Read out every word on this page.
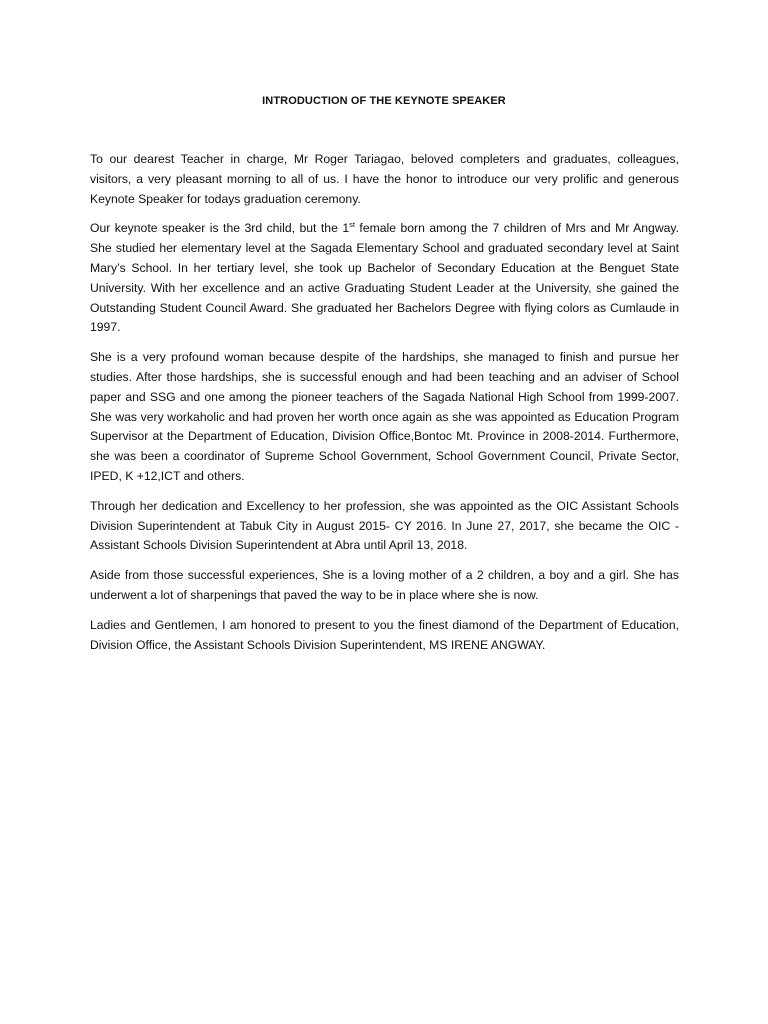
INTRODUCTION OF THE KEYNOTE SPEAKER

To our dearest Teacher in charge, Mr Roger Tariagao, beloved completers and graduates, colleagues, visitors, a very pleasant morning to all of us. I have the honor to introduce our very prolific and generous Keynote Speaker for todays graduation ceremony.

Our keynote speaker is the 3rd child, but the 1st female born among the 7 children of Mrs and Mr Angway. She studied her elementary level at the Sagada Elementary School and graduated secondary level at Saint Mary’s School. In her tertiary level, she took up Bachelor of Secondary Education at the Benguet State University. With her excellence and an active Graduating Student Leader at the University, she gained the Outstanding Student Council Award. She graduated her Bachelors Degree with flying colors as Cumlaude in 1997.

She is a very profound woman because despite of the hardships, she managed to finish and pursue her studies. After those hardships, she is successful enough and had been teaching and an adviser of School paper and SSG and one among the pioneer teachers of the Sagada National High School from 1999-2007. She was very workaholic and had proven her worth once again as she was appointed as Education Program Supervisor at the Department of Education, Division Office,Bontoc Mt. Province in 2008-2014. Furthermore, she was been a coordinator of Supreme School Government, School Government Council, Private Sector, IPED, K +12,ICT and others.

Through her dedication and Excellency to her profession, she was appointed as the OIC Assistant Schools Division Superintendent at Tabuk City in August 2015- CY 2016. In June 27, 2017, she became the OIC - Assistant Schools Division Superintendent at Abra until April 13, 2018.

Aside from those successful experiences, She is a loving mother of a 2 children, a boy and a girl. She has underwent a lot of sharpenings that paved the way to be in place where she is now.

Ladies and Gentlemen, I am honored to present to you the finest diamond of the Department of Education, Division Office, the Assistant Schools Division Superintendent, MS IRENE ANGWAY.
